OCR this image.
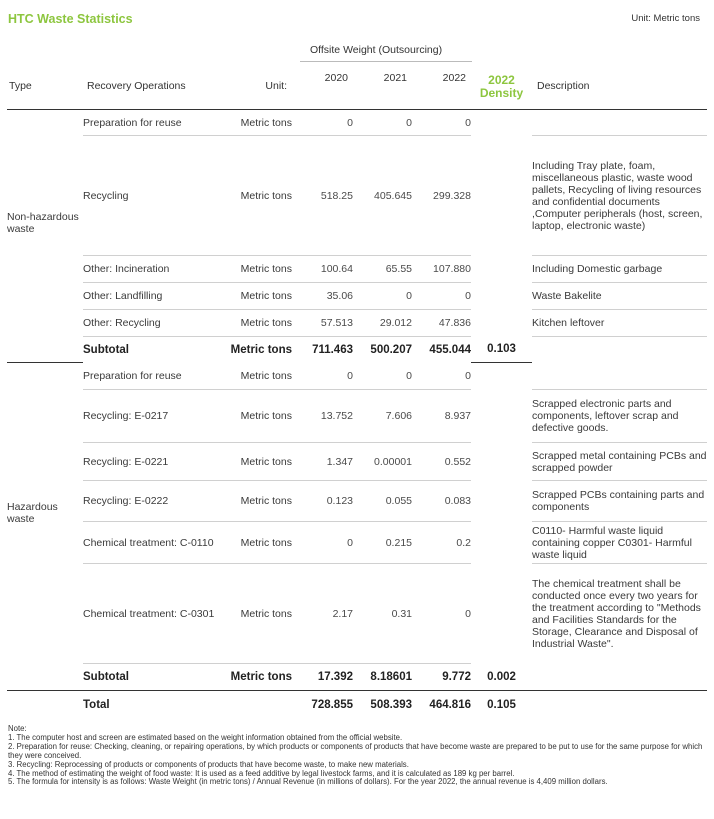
HTC Waste Statistics	Unit: Metric tons
Offsite Weight (Outsourcing)
Type	Recovery Operations	Unit:	2020	2021	2022	2022
Density	Description
Non-hazardous waste	Preparation for reuse	Metric tons	0	0	0		
	Recycling	Metric tons	518.25	405.645	299.328		Including Tray plate, foam, miscellaneous plastic, waste wood pallets, Recycling of living resources and confidential documents ,Computer peripherals (host, screen, laptop, electronic waste)
	Other: Incineration	Metric tons	100.64	65.55	107.880		Including Domestic garbage
	Other: Landfilling	Metric tons	35.06	0	0		Waste Bakelite
	Other: Recycling	Metric tons	57.513	29.012	47.836		Kitchen leftover
	Subtotal	Metric tons	711.463	500.207	455.044	0.103	
Hazardous waste	Preparation for reuse	Metric tons	0	0	0		
	Recycling: E-0217	Metric tons	13.752	7.606	8.937		Scrapped electronic parts and components, leftover scrap and defective goods.
	Recycling: E-0221	Metric tons	1.347	0.00001	0.552		Scrapped metal containing PCBs and scrapped powder
	Recycling: E-0222	Metric tons	0.123	0.055	0.083		Scrapped PCBs containing parts and components
	Chemical treatment: C-0110	Metric tons	0	0.215	0.2		C0110- Harmful waste liquid containing copper C0301- Harmful waste liquid
	Chemical treatment: C-0301	Metric tons	2.17	0.31	0		The chemical treatment shall be conducted once every two years for the treatment according to "Methods and Facilities Standards for the Storage, Clearance and Disposal of Industrial Waste".
	Subtotal	Metric tons	17.392	8.18601	9.772	0.002	
	Total		728.855	508.393	464.816	0.105	
Note:
1. The computer host and screen are estimated based on the weight information obtained from the official website.
2. Preparation for reuse: Checking, cleaning, or repairing operations, by which products or components of products that have become waste are prepared to be put to use for the same purpose for which they were conceived.
3. Recycling: Reprocessing of products or components of products that have become waste, to make new materials.
4. The method of estimating the weight of food waste: It is used as a feed additive by legal livestock farms, and it is calculated as 189 kg per barrel.
5. The formula for intensity is as follows: Waste Weight (in metric tons) / Annual Revenue (in millions of dollars). For the year 2022, the annual revenue is 4,409 million dollars.
